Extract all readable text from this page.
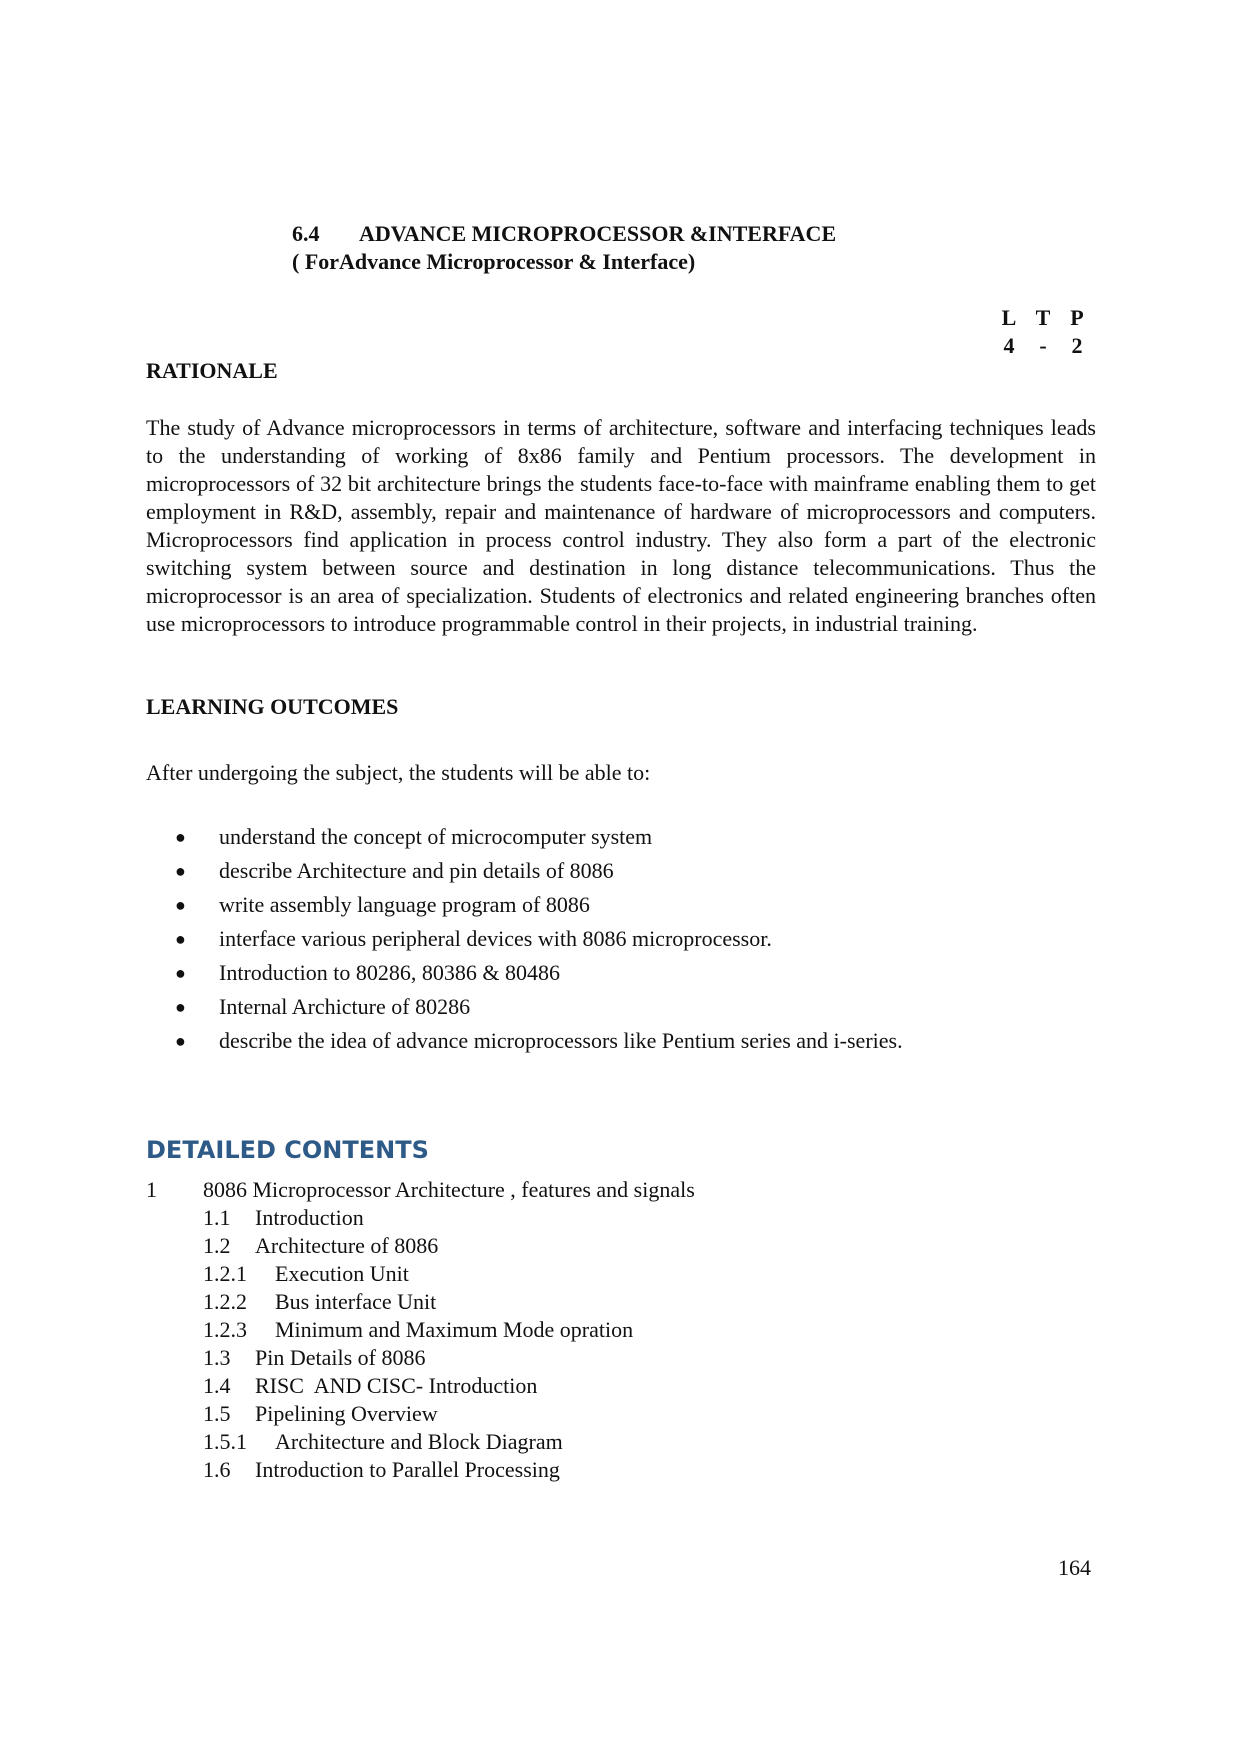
6.4	ADVANCE MICROPROCESSOR &INTERFACE
( ForAdvance Microprocessor & Interface)
L T P
4	-	2
RATIONALE
The study of Advance microprocessors in terms of architecture, software and interfacing techniques leads to the understanding of working of 8x86 family and Pentium processors. The development in microprocessors of 32 bit architecture brings the students face-to-face with mainframe enabling them to get employment in R&D, assembly, repair and maintenance of hardware of microprocessors and computers. Microprocessors find application in process control industry. They also form a part of the electronic switching system between source and destination in long distance telecommunications. Thus the microprocessor is an area of specialization. Students of electronics and related engineering branches often use microprocessors to introduce programmable control in their projects, in industrial training.
LEARNING OUTCOMES
After undergoing the subject, the students will be able to:
●	understand the concept of microcomputer system
●	describe Architecture and pin details of 8086
●	write assembly language program of 8086
●	interface various peripheral devices with 8086 microprocessor.
●	Introduction to 80286, 80386 & 80486
●	Internal Archicture of 80286
●	describe the idea of advance microprocessors like Pentium series and i-series.
DETAILED CONTENTS
1	8086 Microprocessor Architecture , features and signals
1.1	Introduction
1.2	Architecture of 8086
1.2.1	Execution Unit
1.2.2	Bus interface Unit
1.2.3	Minimum and Maximum Mode opration
1.3	Pin Details of 8086
1.4	RISC  AND CISC- Introduction
1.5	Pipelining Overview
1.5.1	Architecture and Block Diagram
1.6	Introduction to Parallel Processing
164
